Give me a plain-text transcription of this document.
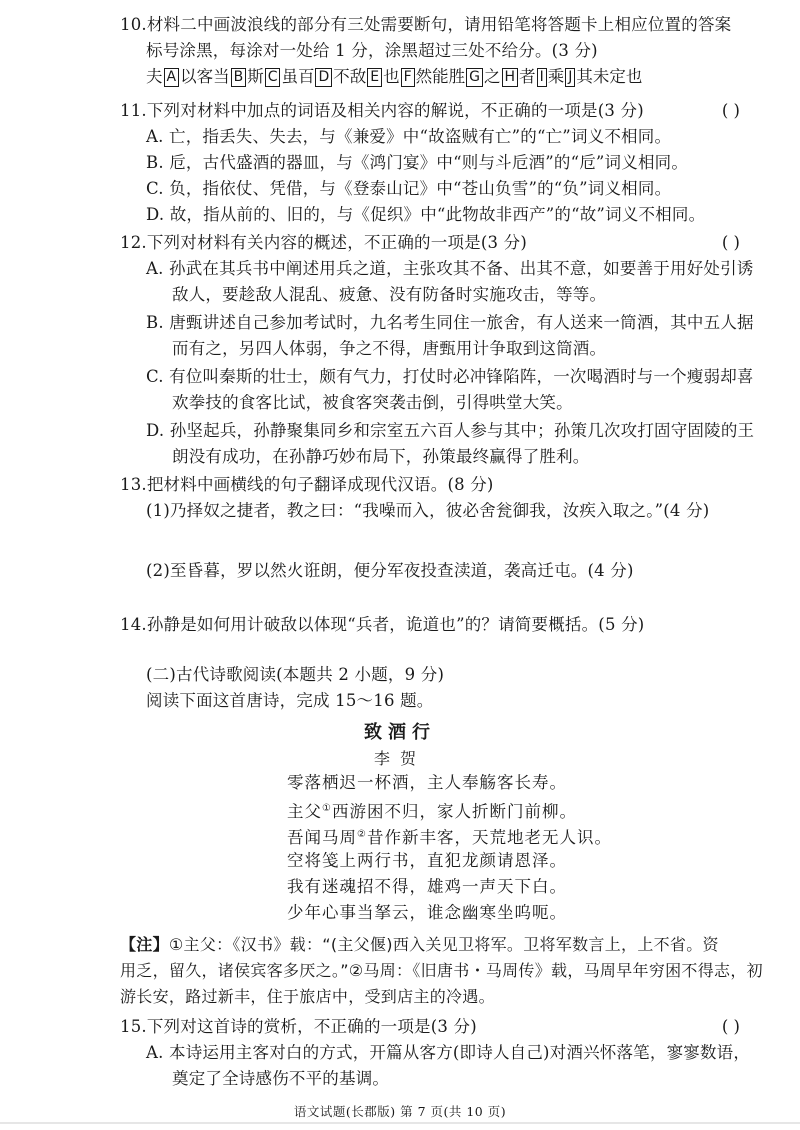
10.材料二中画波浪线的部分有三处需要断句，请用铅笔将答题卡上相应位置的答案
标号涂黑，每涂对一处给 1 分，涂黑超过三处不给分。(3 分)
夫 A 以客当 B 斯 C 虽百 D 不敌 E 也 F 然能胜 G 之 H 者 I 乘 J 其未定也
11.下列对材料中加点的词语及相关内容的解说，不正确的一项是(3 分)	( )
A. 亡，指丢失、失去，与《兼爱》中“故盗贼有亡”的“亡”词义不相同。
B. 卮，古代盛酒的器皿，与《鸿门宴》中“则与斗卮酒”的“卮”词义相同。
C. 负，指依仗、凭借，与《登泰山记》中“苍山负雪”的“负”词义相同。
D. 故，指从前的、旧的，与《促织》中“此物故非西产”的“故”词义不相同。
12.下列对材料有关内容的概述，不正确的一项是(3 分)	( )
A. 孙武在其兵书中阐述用兵之道，主张攻其不备、出其不意，如要善于用好处引诱
敌人，要趁敌人混乱、疲惫、没有防备时实施攻击，等等。
B. 唐甄讲述自己参加考试时，九名考生同住一旅舍，有人送来一筒酒，其中五人据
而有之，另四人体弱，争之不得，唐甄用计争取到这筒酒。
C. 有位叫秦斯的壮士，颇有气力，打仗时必冲锋陷阵，一次喝酒时与一个瘦弱却喜
欢拳技的食客比试，被食客突袭击倒，引得哄堂大笑。
D. 孙坚起兵，孙静聚集同乡和宗室五六百人参与其中；孙策几次攻打固守固陵的王
朗没有成功，在孙静巧妙布局下，孙策最终赢得了胜利。
13.把材料中画横线的句子翻译成现代汉语。(8 分)
(1)乃择奴之捷者，教之曰：“我噪而入，彼必舍瓮御我，汝疾入取之。”(4 分)
(2)至昏暮，罗以然火诳朗，便分军夜投查渎道，袭高迁屯。(4 分)
14.孙静是如何用计破敌以体现“兵者，诡道也”的？请简要概括。(5 分)
(二)古代诗歌阅读(本题共 2 小题，9 分)
阅读下面这首唐诗，完成 15～16 题。
致酒行
李贺
零落栖迟一杯酒，主人奉觞客长寿。
主父①西游困不归，家人折断门前柳。
吾闻马周②昔作新丰客，天荒地老无人识。
空将笺上两行书，直犯龙颜请恩泽。
我有迷魂招不得，雄鸡一声天下白。
少年心事当拏云，谁念幽寒坐呜呃。
【注】①主父：《汉书》载：“(主父偃)西入关见卫将军。卫将军数言上，上不省。资
用乏，留久，诸侯宾客多厌之。”②马周：《旧唐书・马周传》载，马周早年穷困不得志，初
游长安，路过新丰，住于旅店中，受到店主的冷遇。
15.下列对这首诗的赏析，不正确的一项是(3 分)	( )
A. 本诗运用主客对白的方式，开篇从客方(即诗人自己)对酒兴怀落笔，寥寥数语，
奠定了全诗感伤不平的基调。
语文试题(长郡版) 第 7 页(共 10 页)
